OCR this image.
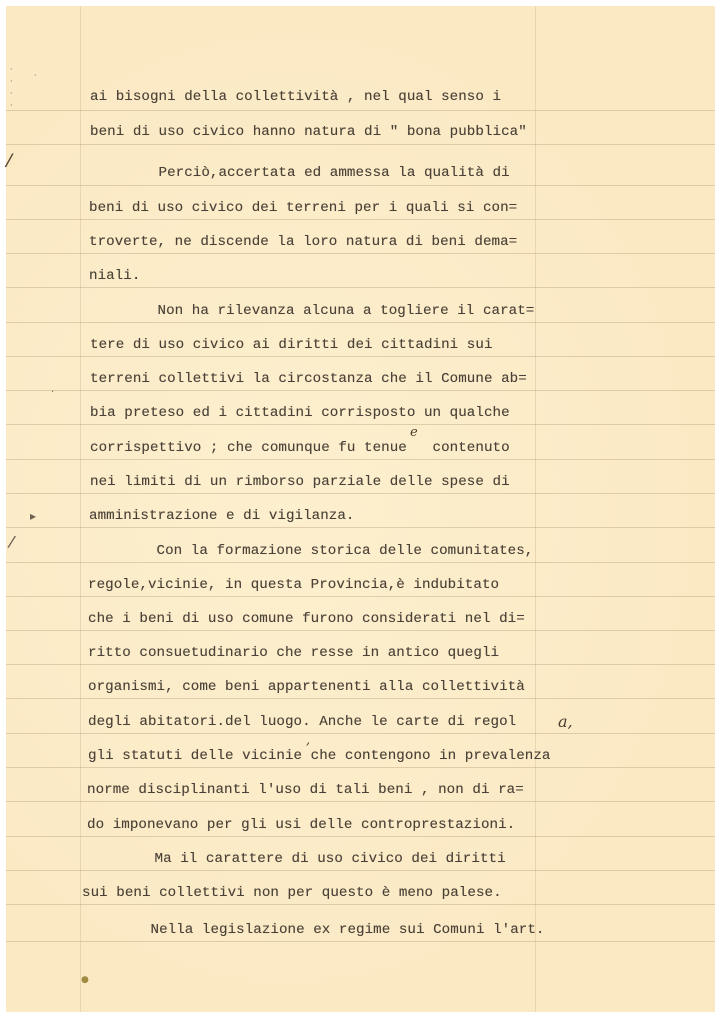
ai bisogni della collettività , nel qual senso i
beni di uso civico hanno natura di " bona pubblica"
Perciò,accertata ed ammessa la qualità di
beni di uso civico dei terreni per i quali si con=
troverte, ne discende la loro natura di beni dema=
niali.
Non ha rilevanza alcuna a togliere il carat=
tere di uso civico ai diritti dei cittadini sui
terreni collettivi la circostanza che il Comune ab=
bia preteso ed i cittadini corrisposto un qualche
corrispettivo ; che comunque fu tenue   contenuto
nei limiti di un rimborso parziale delle spese di
amministrazione e di vigilanza.
Con la formazione storica delle comunitates,
regole,vicinie, in questa Provincia,è indubitato
che i beni di uso comune furono considerati nel di=
ritto consuetudinario che resse in antico quegli
organismi, come beni appartenenti alla collettività
degli abitatori.del luogo. Anche le carte di regol
gli statuti delle vicinie che contengono in prevalenza
norme disciplinanti l'uso di tali beni , non di ra=
do imponevano per gli usi delle controprestazioni.
Ma il carattere di uso civico dei diritti
sui beni collettivi non per questo è meno palese.
Nella legislazione ex regime sui Comuni l'art.
e
a,
,
/
▸
/
●
·
·
·
·
·
·
